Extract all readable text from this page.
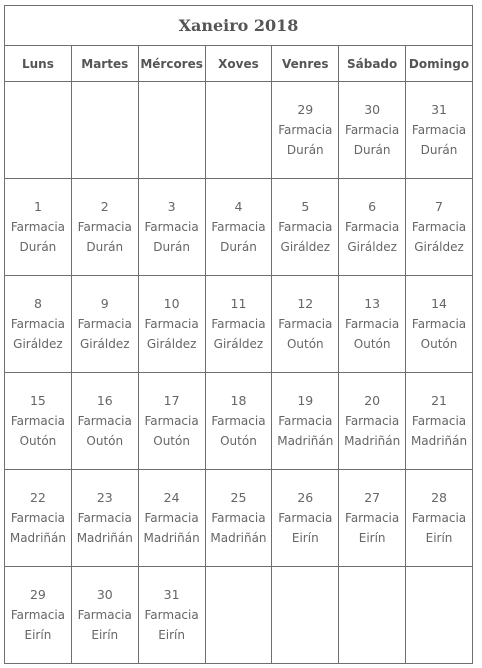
Xaneiro 2018						
Luns	Martes	Mércores	Xoves	Venres	Sábado	Domingo

				29
Farmacia
Durán	30
Farmacia
Durán	31
Farmacia
Durán

1
Farmacia
Durán	2
Farmacia
Durán	3
Farmacia
Durán	4
Farmacia
Durán	5
Farmacia
Giráldez	6
Farmacia
Giráldez	7
Farmacia
Giráldez

8
Farmacia
Giráldez	9
Farmacia
Giráldez	10
Farmacia
Giráldez	11
Farmacia
Giráldez	12
Farmacia
Outón	13
Farmacia
Outón	14
Farmacia
Outón

15
Farmacia
Outón	16
Farmacia
Outón	17
Farmacia
Outón	18
Farmacia
Outón	19
Farmacia
Madriñán	20
Farmacia
Madriñán	21
Farmacia
Madriñán

22
Farmacia
Madriñán	23
Farmacia
Madriñán	24
Farmacia
Madriñán	25
Farmacia
Madriñán	26
Farmacia
Eirín	27
Farmacia
Eirín	28
Farmacia
Eirín

29
Farmacia
Eirín	30
Farmacia
Eirín	31
Farmacia
Eirín				
